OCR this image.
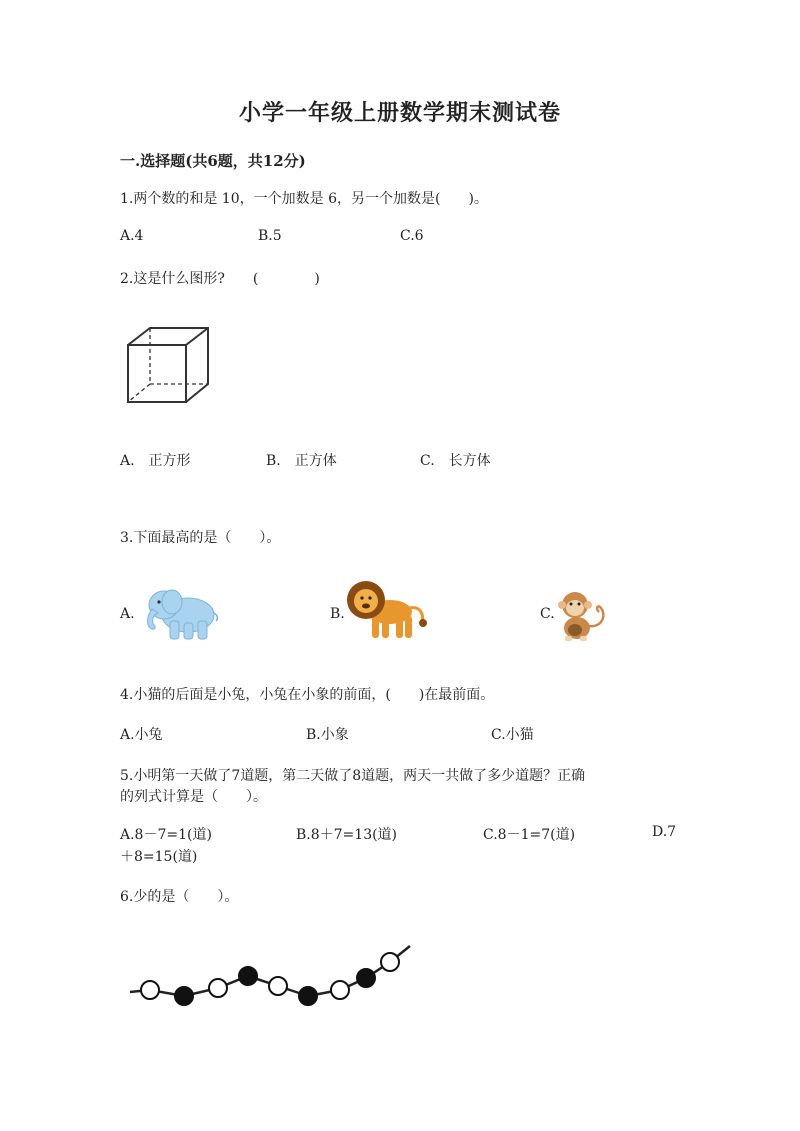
小学一年级上册数学期末测试卷
一.选择题(共6题，共12分)
1.两个数的和是 10，一个加数是 6，另一个加数是(　　)。
A.4	B.5	C.6
2.这是什么图形?　　(　　　　)
A.　正方形	B.　正方体	C.　长方体
3.下面最高的是（　　）。
A.	B.	C.
4.小猫的后面是小兔，小兔在小象的前面，(　　)在最前面。
A.小兔	B.小象	C.小猫
5.小明第一天做了7道题，第二天做了8道题，两天一共做了多少道题？正确
的列式计算是（　　）。
A.8－7=1(道)	B.8＋7=13(道)	C.8－1=7(道)	D.7
＋8=15(道)
6.少的是（　　）。
